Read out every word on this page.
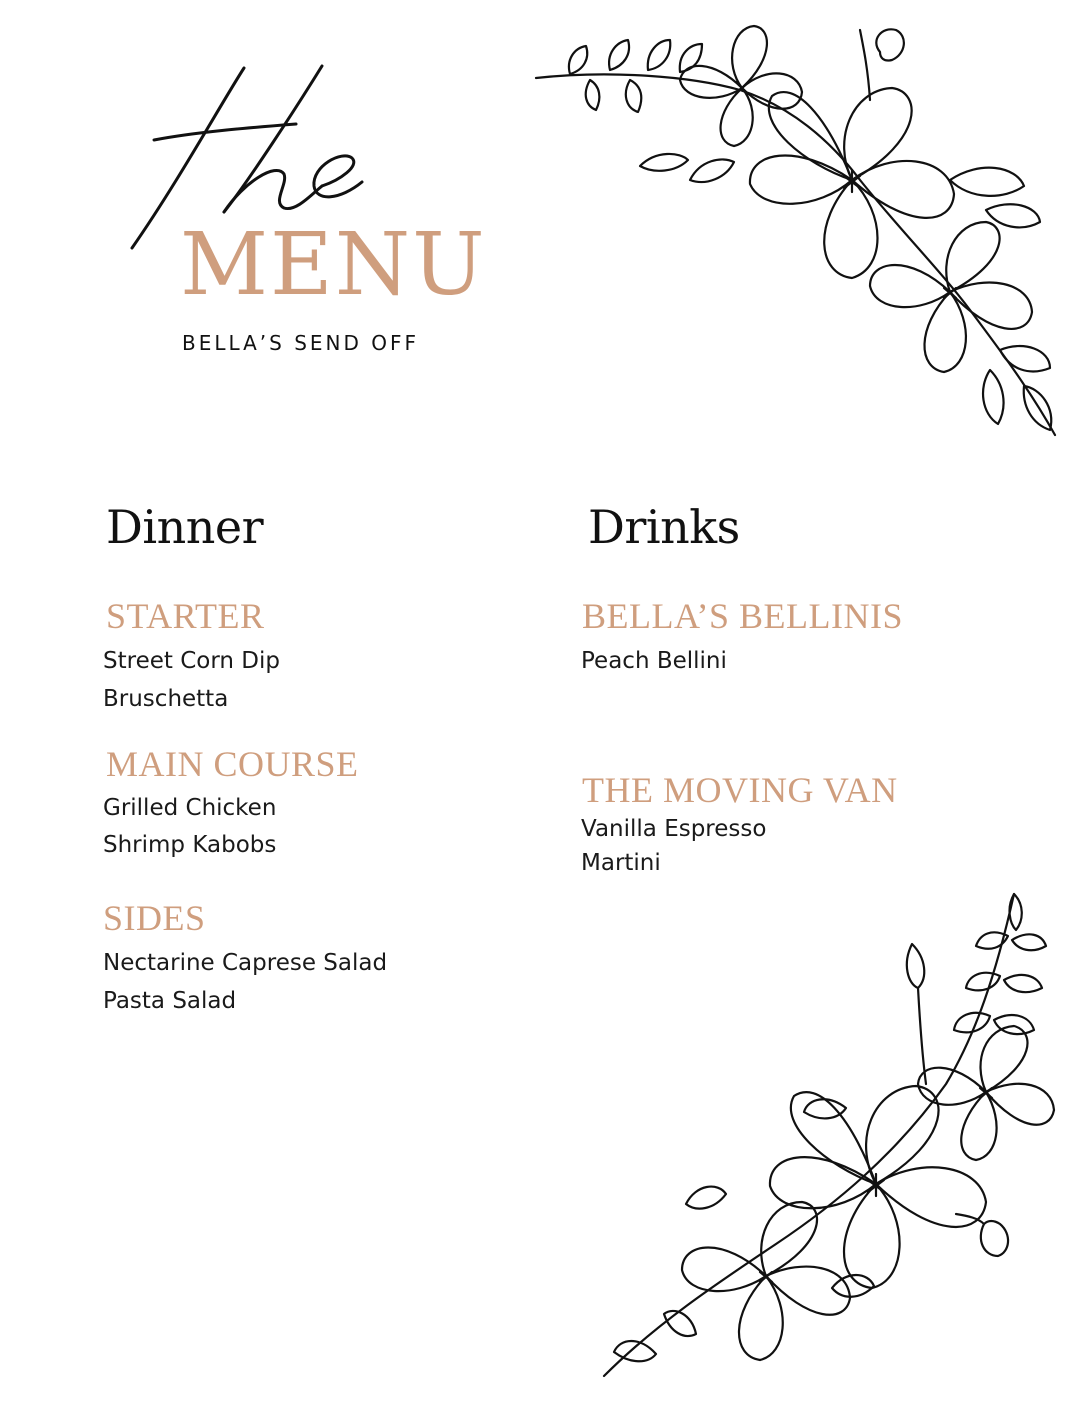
MENU
BELLA’S SEND OFF
Dinner
STARTER
Street Corn Dip
Bruschetta
MAIN COURSE
Grilled Chicken
Shrimp Kabobs
SIDES
Nectarine Caprese Salad
Pasta Salad
Drinks
BELLA’S BELLINIS
Peach Bellini
THE MOVING VAN
Vanilla Espresso
Martini
